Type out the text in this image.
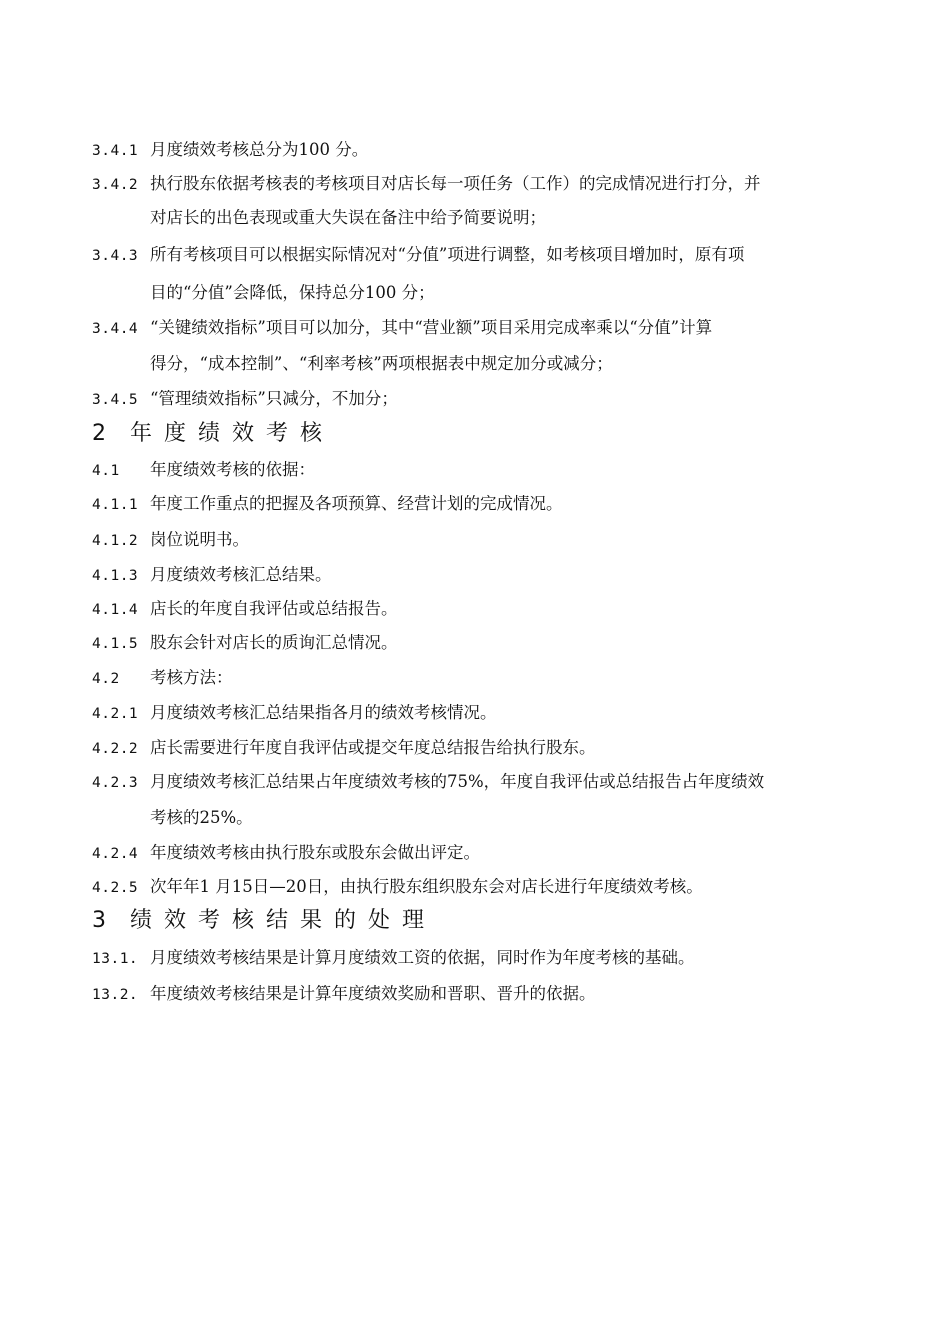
3.4.1 月度绩效考核总分为100 分。
3.4.2 执行股东依据考核表的考核项目对店长每一项任务（工作）的完成情况进行打分，并
对店长的出色表现或重大失误在备注中给予简要说明；
3.4.3 所有考核项目可以根据实际情况对“分值”项进行调整，如考核项目增加时，原有项
目的“分值”会降低，保持总分100 分；
3.4.4 “关键绩效指标”项目可以加分，其中“营业额”项目采用完成率乘以“分值”计算
得分，“成本控制”、“利率考核”两项根据表中规定加分或减分；
3.4.5 “管理绩效指标”只减分，不加分；
2 年度绩效考核
4.1 年度绩效考核的依据：
4.1.1 年度工作重点的把握及各项预算、经营计划的完成情况。
4.1.2 岗位说明书。
4.1.3 月度绩效考核汇总结果。
4.1.4 店长的年度自我评估或总结报告。
4.1.5 股东会针对店长的质询汇总情况。
4.2 考核方法：
4.2.1 月度绩效考核汇总结果指各月的绩效考核情况。
4.2.2 店长需要进行年度自我评估或提交年度总结报告给执行股东。
4.2.3 月度绩效考核汇总结果占年度绩效考核的75%，年度自我评估或总结报告占年度绩效
考核的25%。
4.2.4 年度绩效考核由执行股东或股东会做出评定。
4.2.5 次年年1 月15日—20日，由执行股东组织股东会对店长进行年度绩效考核。
3 绩效考核结果的处理
13.1. 月度绩效考核结果是计算月度绩效工资的依据，同时作为年度考核的基础。
13.2. 年度绩效考核结果是计算年度绩效奖励和晋职、晋升的依据。
